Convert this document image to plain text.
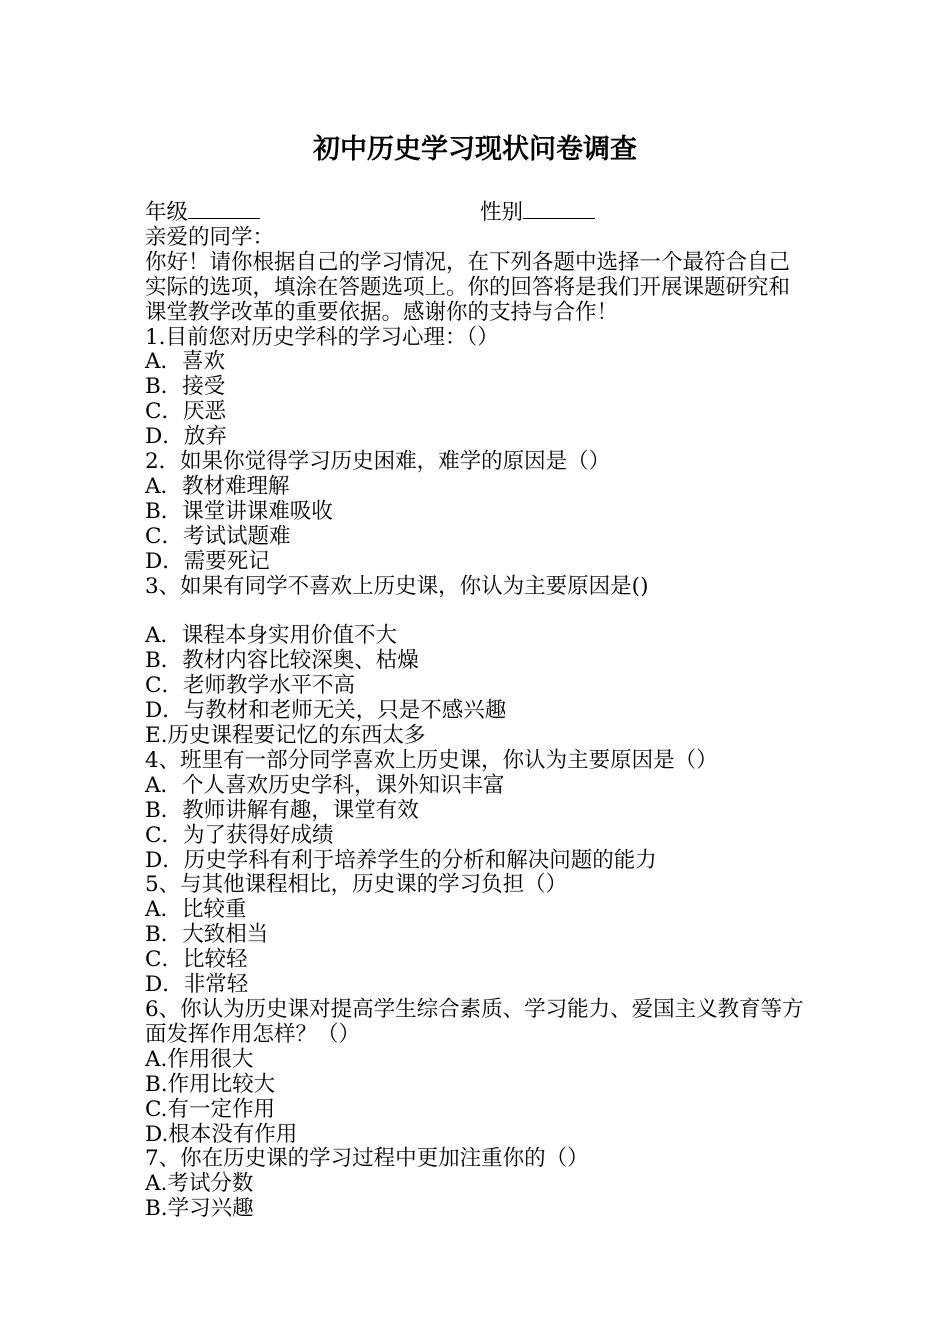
初中历史学习现状问卷调查
年级	性别
亲爱的同学：
你好！请你根据自己的学习情况，在下列各题中选择一个最符合自己实际的选项，填涂在答题选项上。你的回答将是我们开展课题研究和课堂教学改革的重要依据。感谢你的支持与合作！
1.目前您对历史学科的学习心理：（）
A．喜欢
B．接受
C．厌恶
D．放弃
2．如果你觉得学习历史困难，难学的原因是（）
A．教材难理解
B．课堂讲课难吸收
C．考试试题难
D．需要死记
3、如果有同学不喜欢上历史课，你认为主要原因是()
A．课程本身实用价值不大
B．教材内容比较深奥、枯燥
C．老师教学水平不高
D．与教材和老师无关，只是不感兴趣
E.历史课程要记忆的东西太多
4、班里有一部分同学喜欢上历史课，你认为主要原因是（）
A．个人喜欢历史学科，课外知识丰富
B．教师讲解有趣，课堂有效
C．为了获得好成绩
D．历史学科有利于培养学生的分析和解决问题的能力
5、与其他课程相比，历史课的学习负担（）
A．比较重
B．大致相当
C．比较轻
D．非常轻
6、你认为历史课对提高学生综合素质、学习能力、爱国主义教育等方面发挥作用怎样？（）
A.作用很大
B.作用比较大
C.有一定作用
D.根本没有作用
7、你在历史课的学习过程中更加注重你的（）
A.考试分数
B.学习兴趣
